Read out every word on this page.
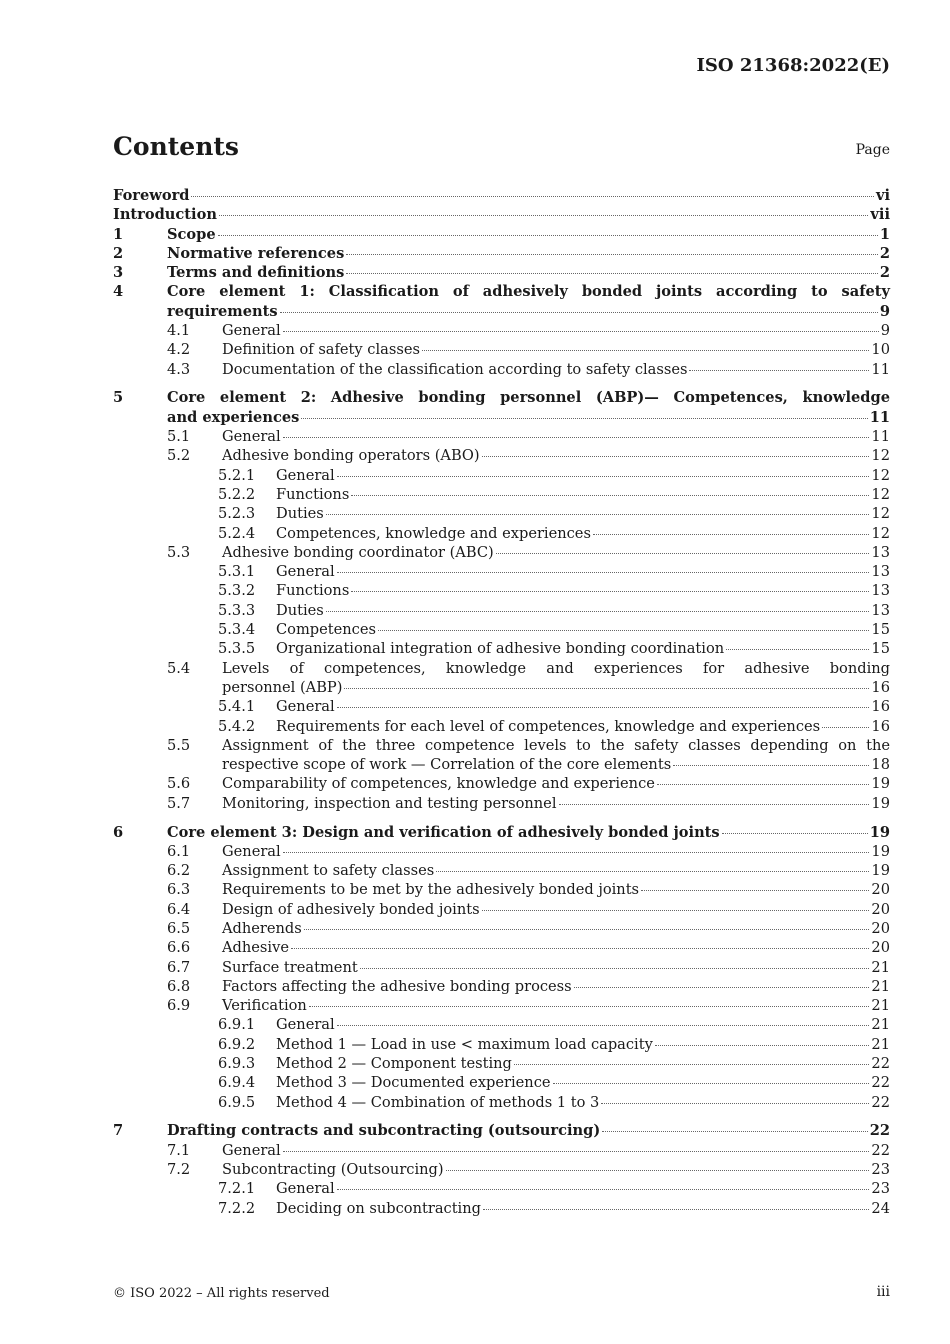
ISO 21368:2022(E)
Contents	Page
Foreword	vi
Introduction	vii
1	Scope	1
2	Normative references	2
3	Terms and definitions	2
4	Core element 1: Classification of adhesively bonded joints according to safety
requirements	9
4.1 General	9
4.2 Definition of safety classes	10
4.3 Documentation of the classification according to safety classes	11
5	Core element 2: Adhesive bonding personnel (ABP)— Competences, knowledge
and experiences	11
5.1 General	11
5.2 Adhesive bonding operators (ABO)	12
5.2.1 General	12
5.2.2 Functions	12
5.2.3 Duties	12
5.2.4 Competences, knowledge and experiences	12
5.3 Adhesive bonding coordinator (ABC)	13
5.3.1 General	13
5.3.2 Functions	13
5.3.3 Duties	13
5.3.4 Competences	15
5.3.5 Organizational integration of adhesive bonding coordination	15
5.4 Levels of competences, knowledge and experiences for adhesive bonding
personnel (ABP)	16
5.4.1 General	16
5.4.2 Requirements for each level of competences, knowledge and experiences	16
5.5 Assignment of the three competence levels to the safety classes depending on the
respective scope of work — Correlation of the core elements	18
5.6 Comparability of competences, knowledge and experience	19
5.7 Monitoring, inspection and testing personnel	19
6	Core element 3: Design and verification of adhesively bonded joints	19
6.1 General	19
6.2 Assignment to safety classes	19
6.3 Requirements to be met by the adhesively bonded joints	20
6.4 Design of adhesively bonded joints	20
6.5 Adherends	20
6.6 Adhesive	20
6.7 Surface treatment	21
6.8 Factors affecting the adhesive bonding process	21
6.9 Verification	21
6.9.1 General	21
6.9.2 Method 1 — Load in use < maximum load capacity	21
6.9.3 Method 2 — Component testing	22
6.9.4 Method 3 — Documented experience	22
6.9.5 Method 4 — Combination of methods 1 to 3	22
7	Drafting contracts and subcontracting (outsourcing)	22
7.1 General	22
7.2 Subcontracting (Outsourcing)	23
7.2.1 General	23
7.2.2 Deciding on subcontracting	24
© ISO 2022 – All rights reserved	iii
